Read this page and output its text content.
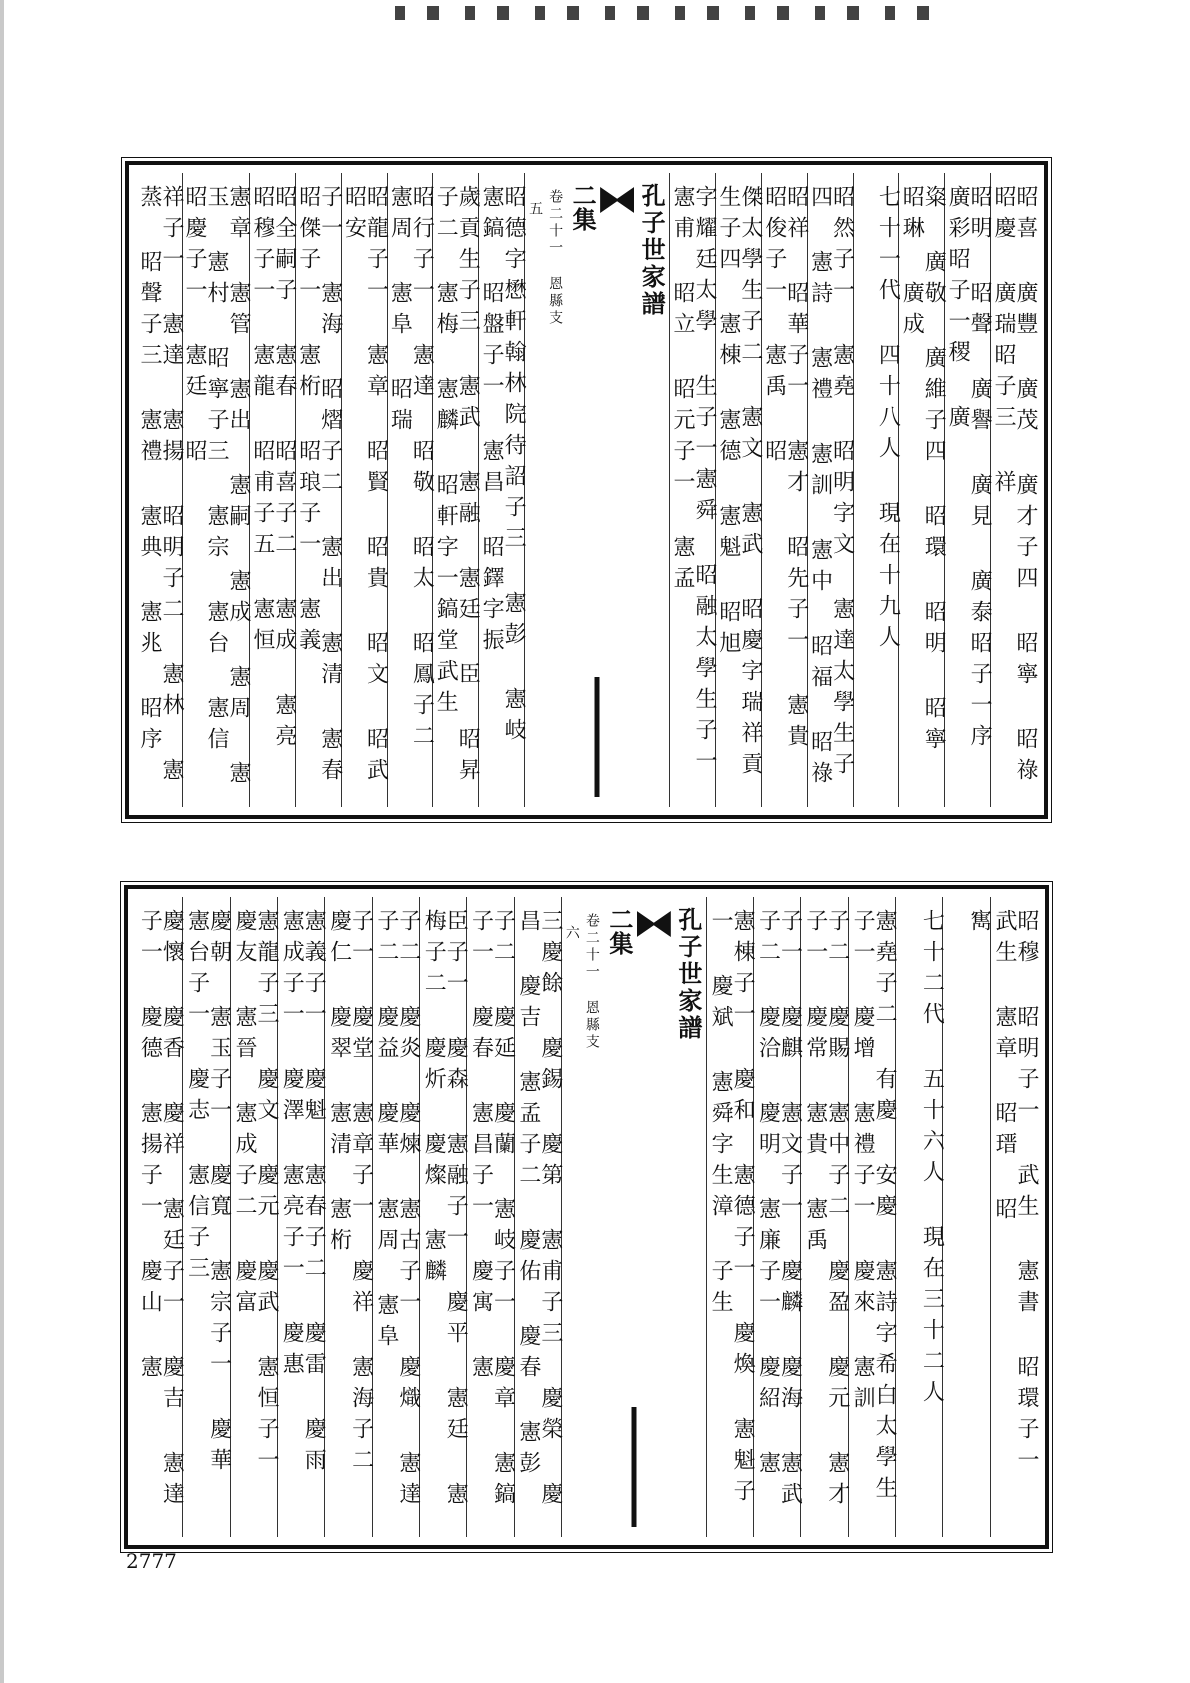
昭喜 廣豐 廣茂 廣才子四 昭寧 昭祿 昭慶 廣瑞昭子三 祥
昭明 昭聲 廣譽 廣見 廣泰昭子一序 廣彩昭子一稷 廣
粢 廣敬 廣維子四 昭環 昭明 昭寧 昭琳 廣成
七十一代 四十八人 現在十九人
昭然子一 憲堯 昭明字文 憲達太學生子四 憲詩 憲禮 憲訓 憲中 昭福 昭祿
昭祥 昭華子一 憲才 昭先子一 憲貴 昭俊子一 憲禹 昭
傑太學生子二 憲文 憲武 昭慶字瑞祥貢生子四 憲棟 憲德 憲魁 昭旭
字耀廷太學 生子一憲舜 昭融太學生子一 憲甫 昭立 昭元子一 憲孟
孔子世家譜
二集
卷二十一 恩縣支
五
昭德字懋軒翰林院待詔子三 憲彭 憲岐 憲鎬 昭盤子一 憲昌 昭鐸字振
歲貢生子三 憲武 憲融 憲廷 臣 昭昇子二 憲梅 憲麟 昭軒字一鎬堂武生
昭行子一 憲達 昭敬 昭太 昭鳳子二 憲周 憲阜 昭瑞
昭龍子一 憲章 昭賢 昭貴 昭文 昭武 昭安
子一 憲海 昭熠子二 憲出 憲清 憲春 昭傑子一 憲桁 昭琅子一 憲義
昭全嗣子 憲春 昭喜子二 憲成 憲亮 昭穆子一 憲龍 昭甫子五 憲恒
憲章 憲管 憲出 憲嗣 憲成 憲周 憲玉 憲村 昭寧子三 憲宗 憲台 憲信 昭慶子一 憲廷 昭
祥子一 憲達 憲揚 昭明子二 憲林 憲蒸 昭聲子三 憲禮 憲典 憲兆 昭序
昭穆 昭明子一 武生 憲書 昭環子一 武生 憲章 昭瑨 昭
寯
七十二代 五十六人 現在三十二人
憲堯子二 有慶 安慶 憲詩字希白太學生子一 慶增 憲禮子一 慶來 憲訓
子二 慶賜 憲中子二 慶盈 慶元 憲才子一 慶常 憲貴 憲禹
子一 慶麒 憲文子一 慶麟 慶海 憲武子二 慶洽 慶明 憲廉子一 慶紹 憲
憲棟子一 慶和 憲德子一 慶煥 憲魁子一 慶斌 憲舜字生漳 子生
孔子世家譜
二集
卷二十一 恩縣支
六
三慶餘 慶錫 慶第 憲甫子三 慶榮 慶昌 慶吉 憲孟子二 慶佑 慶春 憲彭
子二 慶延 慶蘭 憲岐子一 慶章 憲鎬子一 慶春 憲昌子一 慶寓 憲
臣子一 慶森 憲融子一 慶平 憲廷 憲梅子二 慶炘 慶燦 憲麟
子二 慶炎 慶煉 憲古子一 慶熾 憲達子二 慶益 慶華 憲周 憲阜
子一 慶堂 憲章子一 慶祥 憲海子二 慶仁 慶翠 憲清 憲桁
憲義子一 慶魁 憲春子二 慶雷 慶雨 憲成子一 慶澤 憲亮子一 慶惠
憲龍子三 慶文 慶元 慶武 憲恒子一 慶友 憲晉 憲成子二 慶富
慶朝 憲玉子一 慶寬 憲宗子一 慶華 憲台子一 慶志 憲信子三
慶懷 慶香 慶祥 憲廷子一 慶吉 憲達子一 慶德 憲揚子一 慶山 憲
2777
